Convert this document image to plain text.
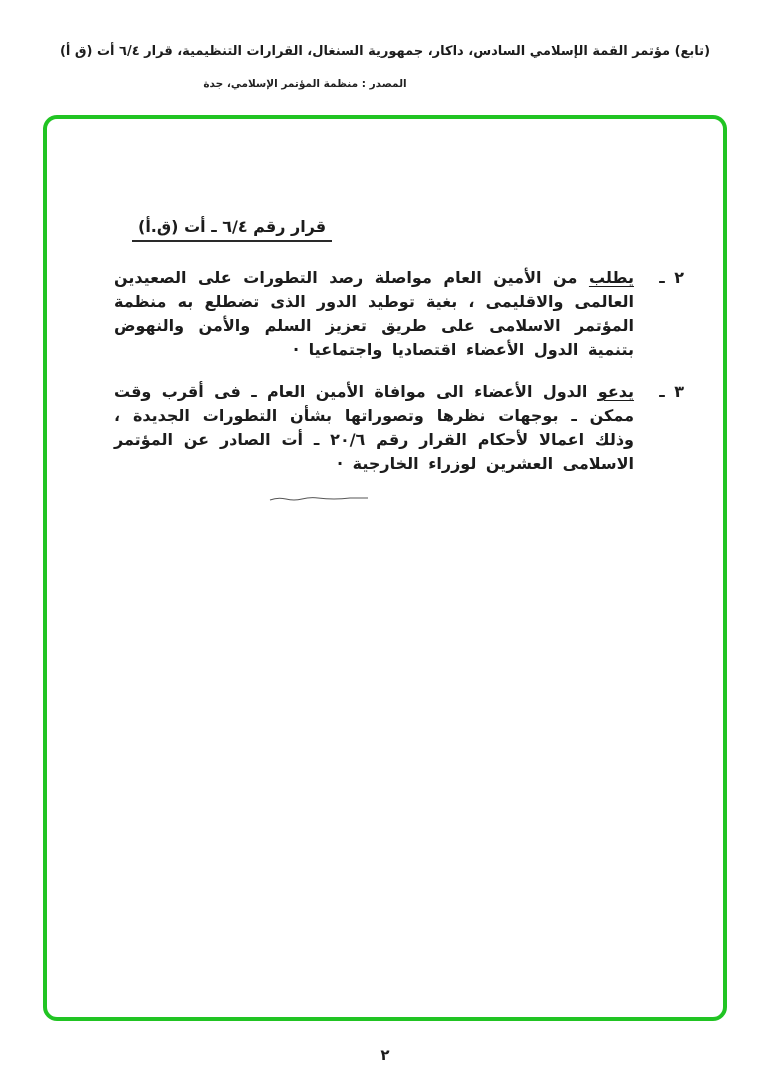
(تابع) مؤتمر القمة الإسلامي السادس، داكار، جمهورية السنغال، القرارات التنظيمية، قرار ٦/٤ أت (ق أ)
المصدر : منظمة المؤتمر الإسلامي، جدة
قرار رقم ٦/٤ ـ أت (ق.أ)
٢ ـ
يطلب من الأمين العام مواصلة رصد التطورات على الصعيدين العالمى والاقليمى ، بغية توطيد الدور الذى تضطلع به منظمة المؤتمر الاسلامى على طريق تعزيز السلم والأمن والنهوض بتنمية الدول الأعضاء اقتصاديا واجتماعيا ·
٣ ـ
يدعو الدول الأعضاء الى موافاة الأمين العام ـ فى أقرب وقت ممكن ـ بوجهات نظرها وتصوراتها بشأن التطورات الجديدة ، وذلك اعمالا لأحكام القرار رقم ٢٠/٦ ـ أت الصادر عن المؤتمر الاسلامى العشرين لوزراء الخارجية ·
٢
